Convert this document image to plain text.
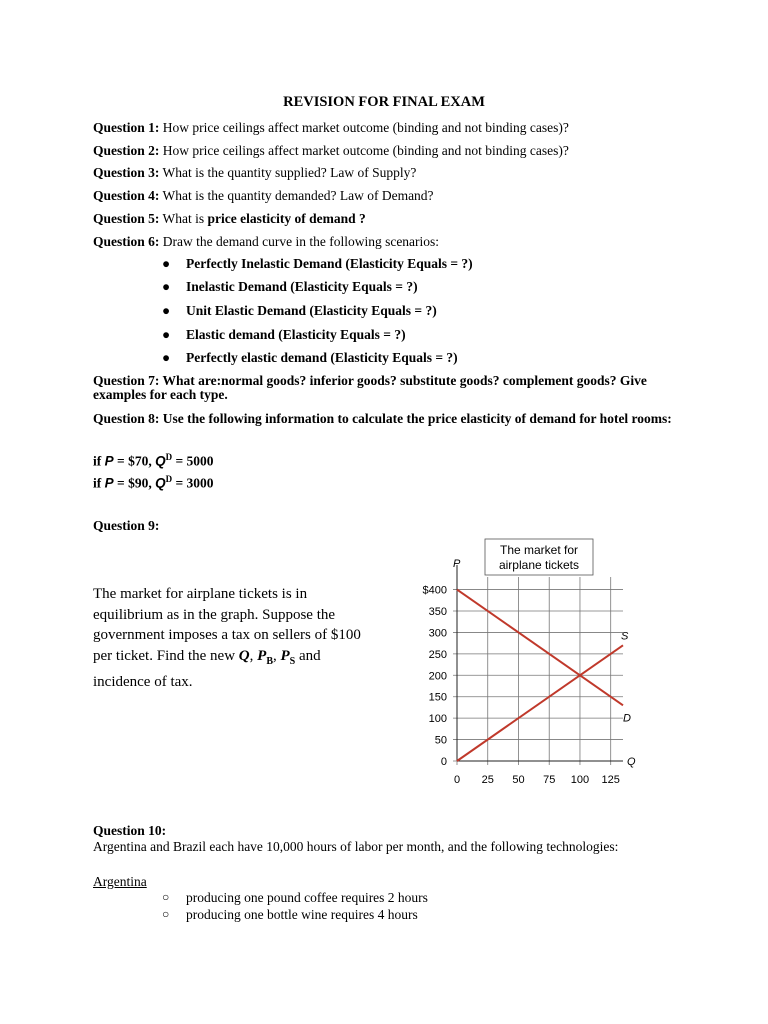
REVISION FOR FINAL EXAM
Question 1: How price ceilings affect market outcome (binding and not binding cases)?
Question 2: How price ceilings affect market outcome (binding and not binding cases)?
Question 3: What is the quantity supplied? Law of Supply?
Question 4: What is the quantity demanded? Law of Demand?
Question 5: What is price elasticity of demand ?
Question 6: Draw the demand curve in the following scenarios:
● Perfectly Inelastic Demand (Elasticity Equals = ?)
● Inelastic Demand (Elasticity Equals = ?)
● Unit Elastic Demand (Elasticity Equals = ?)
● Elastic demand (Elasticity Equals = ?)
● Perfectly elastic demand (Elasticity Equals = ?)
Question 7: What are:normal goods? inferior goods? substitute goods? complement goods? Give examples for each type.
Question 8: Use the following information to calculate the price elasticity of demand for hotel rooms:
if P = $70, $Q^D = 5000$
if P = $90, $Q^D = 3000$
Question 9:
The market for airplane tickets is in equilibrium as in the graph. Suppose the government imposes a tax on sellers of $100 per ticket. Find the new Q, $P_B$, $P_S$ and incidence of tax.
0
50
100
150
200
250
300
350
$400
0 25 50 75 100 125
D
S
P
Q
The market for
airplane tickets
Question 10:
Argentina and Brazil each have 10,000 hours of labor per month, and the following technologies:
Argentina
○ producing one pound coffee requires 2 hours
○ producing one bottle wine requires 4 hours
